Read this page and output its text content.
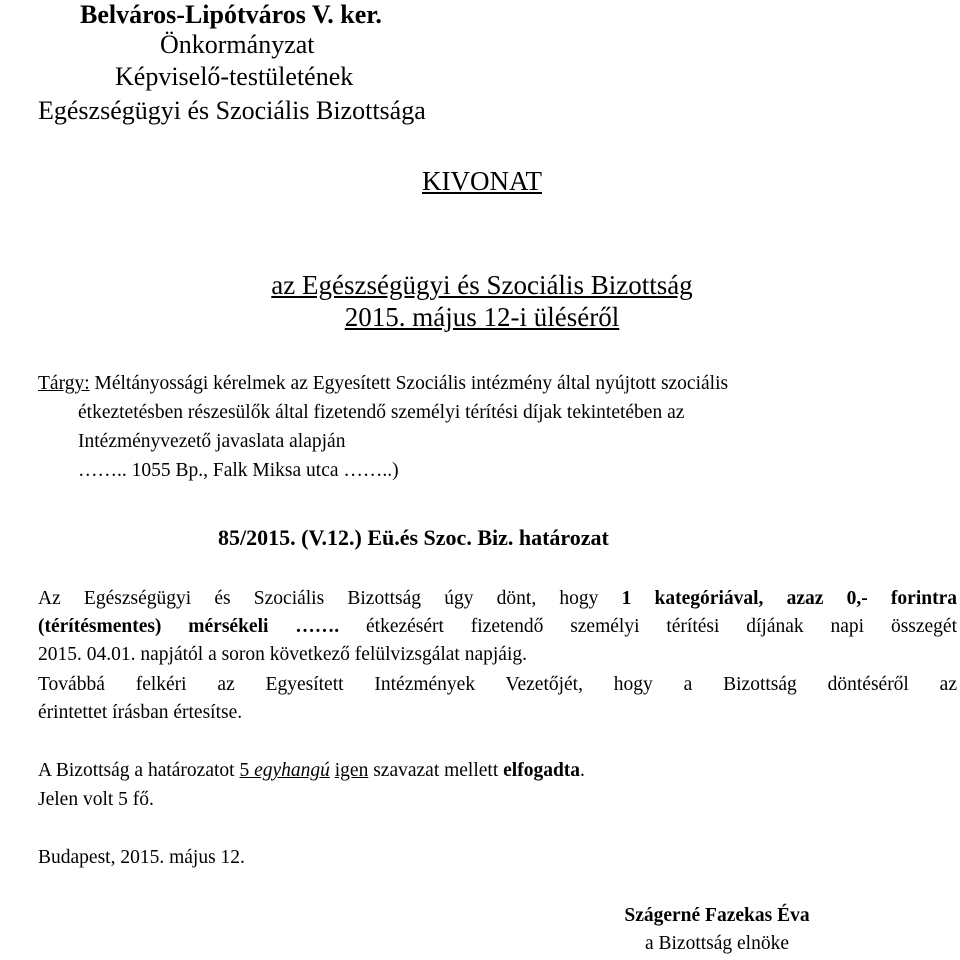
Belváros-Lipótváros V. ker.
Önkormányzat
Képviselő-testületének
Egészségügyi és Szociális Bizottsága
KIVONAT
az Egészségügyi és Szociális Bizottság
2015. május 12-i üléséről
Tárgy: Méltányossági kérelmek az Egyesített Szociális intézmény által nyújtott szociális
étkeztetésben részesülők által fizetendő személyi térítési díjak tekintetében az
Intézményvezető javaslata alapján
…….. 1055 Bp., Falk Miksa utca ……..)
85/2015. (V.12.) Eü.és Szoc. Biz. határozat
Az Egészségügyi és Szociális Bizottság úgy dönt, hogy 1 kategóriával, azaz 0,- forintra
(térítésmentes) mérsékeli ……. étkezésért fizetendő személyi térítési díjának napi összegét
2015. 04.01. napjától a soron következő felülvizsgálat napjáig.
Továbbá felkéri az Egyesített Intézmények Vezetőjét, hogy a Bizottság döntéséről az
érintettet írásban értesítse.
A Bizottság a határozatot 5 egyhangú igen szavazat mellett elfogadta.
Jelen volt 5 fő.
Budapest, 2015. május 12.
Szágerné Fazekas Éva
a Bizottság elnöke
